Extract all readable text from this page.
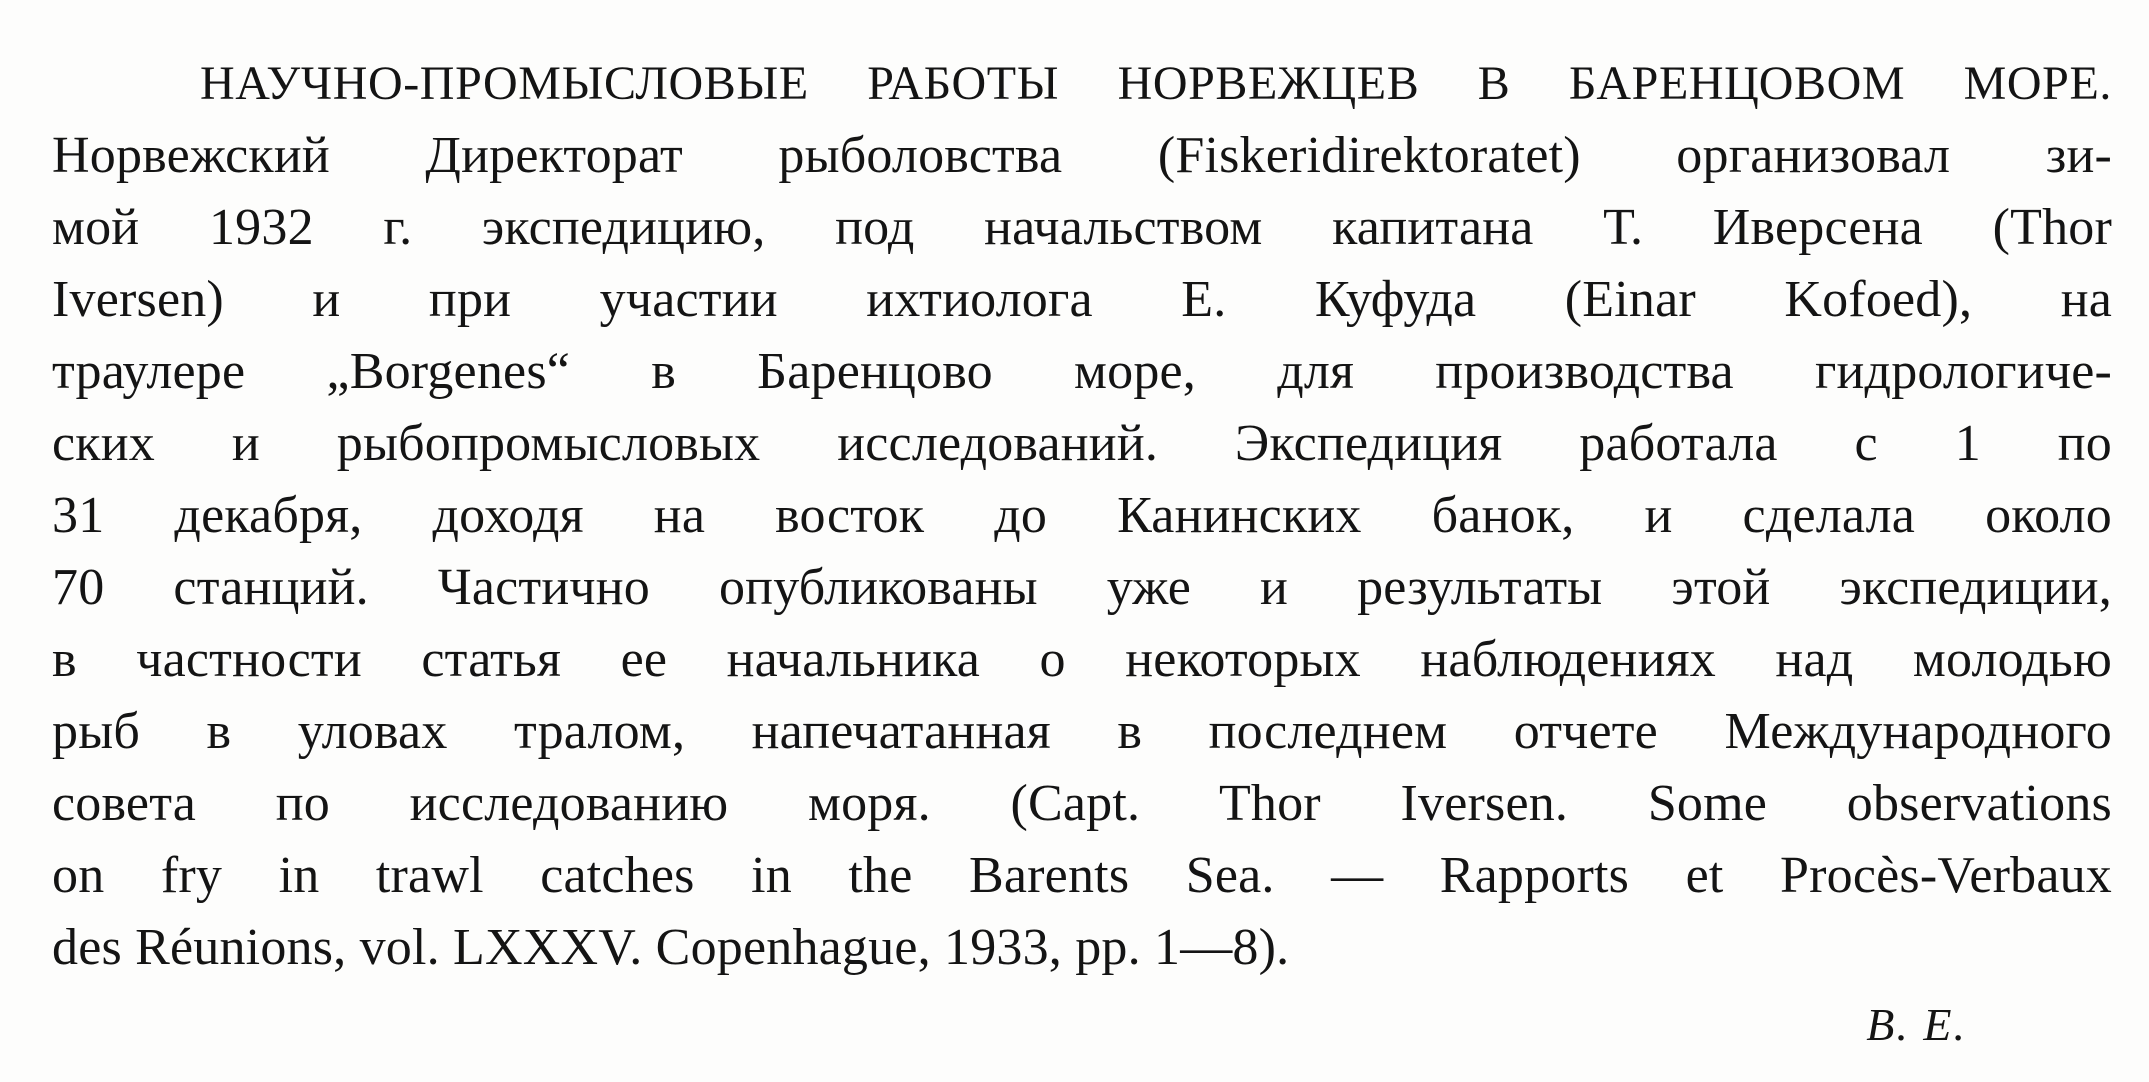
НАУЧНО-ПРОМЫСЛОВЫЕ РАБОТЫ НОРВЕЖЦЕВ В БАРЕНЦОВОМ МОРЕ.
Норвежский Директорат рыболовства (Fiskeridirektoratet) организовал зи-
мой 1932 г. экспедицию, под начальством капитана Т. Иверсена (Thor
Iversen) и при участии ихтиолога Е. Куфуда (Einar Kofoed), на
траулере „Borgenes“ в Баренцово море, для производства гидрологиче-
ских и рыбопромысловых исследований. Экспедиция работала с 1 по
31 декабря, доходя на восток до Канинских банок, и сделала около
70 станций. Частично опубликованы уже и результаты этой экспедиции,
в частности статья ее начальника о некоторых наблюдениях над молодью
рыб в уловах тралом, напечатанная в последнем отчете Международного
совета по исследованию моря. (Capt. Thor Iversen. Some observations
on fry in trawl catches in the Barents Sea. — Rapports et Procès-Verbaux
des Réunions, vol. LXXXV. Copenhague, 1933, pp. 1—8).
В. Е.
